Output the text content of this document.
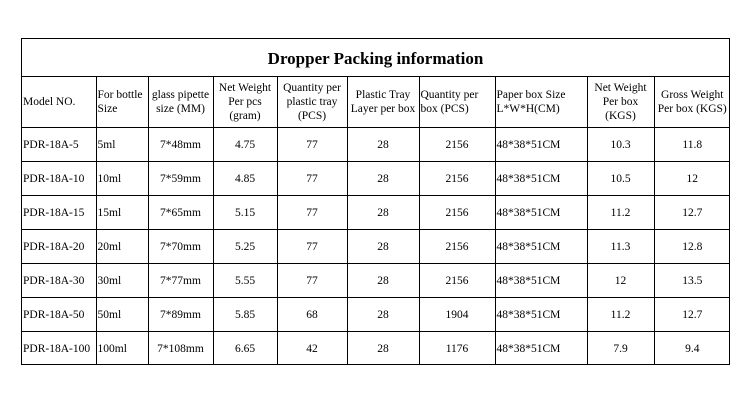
Dropper Packing information
Model NO.	For bottle Size	glass pipette size (MM)	Net Weight Per pcs (gram)	Quantity per plastic tray (PCS)	Plastic Tray Layer per box	Quantity per box (PCS)	Paper box Size L*W*H(CM)	Net Weight Per box (KGS)	Gross Weight Per box (KGS)
PDR-18A-5	5ml	7*48mm	4.75	77	28	2156	48*38*51CM	10.3	11.8
PDR-18A-10	10ml	7*59mm	4.85	77	28	2156	48*38*51CM	10.5	12
PDR-18A-15	15ml	7*65mm	5.15	77	28	2156	48*38*51CM	11.2	12.7
PDR-18A-20	20ml	7*70mm	5.25	77	28	2156	48*38*51CM	11.3	12.8
PDR-18A-30	30ml	7*77mm	5.55	77	28	2156	48*38*51CM	12	13.5
PDR-18A-50	50ml	7*89mm	5.85	68	28	1904	48*38*51CM	11.2	12.7
PDR-18A-100	100ml	7*108mm	6.65	42	28	1176	48*38*51CM	7.9	9.4
